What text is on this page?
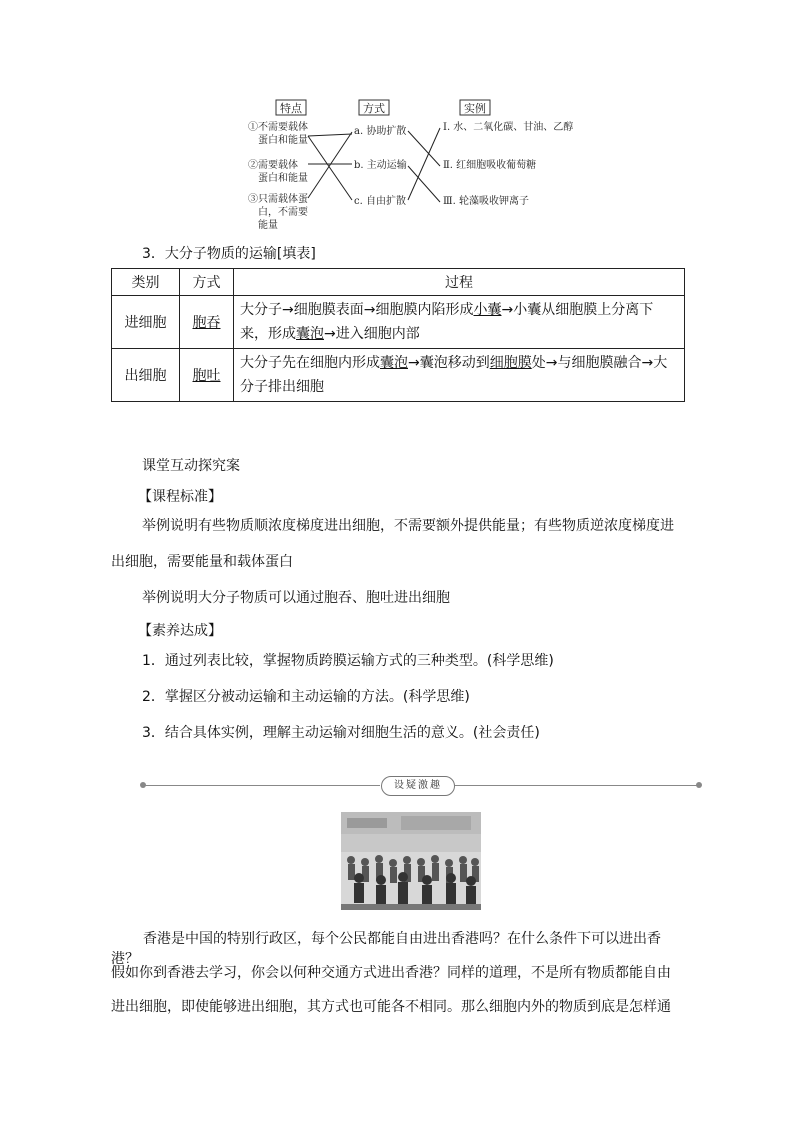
特点	方式	实例
①不需要载体
蛋白和能量
②需要载体
蛋白和能量
③只需载体蛋
白，不需要
能量
a. 协助扩散
b. 主动运输
c. 自由扩散
Ⅰ. 水、二氧化碳、甘油、乙醇
Ⅱ. 红细胞吸收葡萄糖
Ⅲ. 轮藻吸收钾离子
3．大分子物质的运输[填表]
类别	方式	过程
进细胞	胞吞	大分子→细胞膜表面→细胞膜内陷形成小囊→小囊从细胞膜上分离下来，形成囊泡→进入细胞内部
出细胞	胞吐	大分子先在细胞内形成囊泡→囊泡移动到细胞膜处→与细胞膜融合→大分子排出细胞
课堂互动探究案
【课程标准】
举例说明有些物质顺浓度梯度进出细胞，不需要额外提供能量；有些物质逆浓度梯度进
出细胞，需要能量和载体蛋白
举例说明大分子物质可以通过胞吞、胞吐进出细胞
【素养达成】
1．通过列表比较，掌握物质跨膜运输方式的三种类型。(科学思维)
2．掌握区分被动运输和主动运输的方法。(科学思维)
3．结合具体实例，理解主动运输对细胞生活的意义。(社会责任)
设疑激趣
香港是中国的特别行政区，每个公民都能自由进出香港吗？在什么条件下可以进出香港？
假如你到香港去学习，你会以何种交通方式进出香港？同样的道理，不是所有物质都能自由
进出细胞，即使能够进出细胞，其方式也可能各不相同。那么细胞内外的物质到底是怎样通
